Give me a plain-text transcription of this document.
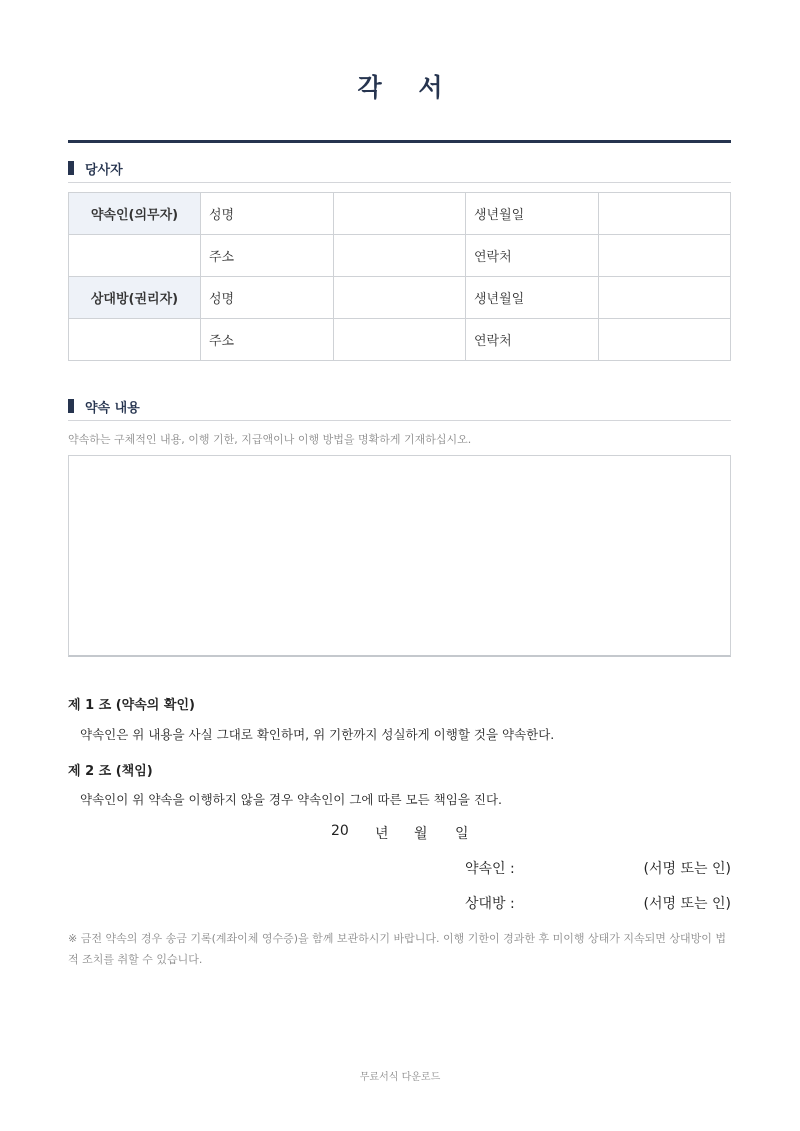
각 서
당사자
약속인(의무자)	성명		생년월일	
	주소		연락처	
상대방(권리자)	성명		생년월일	
	주소		연락처	
약속 내용
약속하는 구체적인 내용, 이행 기한, 지급액이나 이행 방법을 명확하게 기재하십시오.
제 1 조 (약속의 확인)
약속인은 위 내용을 사실 그대로 확인하며, 위 기한까지 성실하게 이행할 것을 약속한다.
제 2 조 (책임)
약속인이 위 약속을 이행하지 않을 경우 약속인이 그에 따른 모든 책임을 진다.
20 년 월 일
약속인 :	(서명 또는 인)
상대방 :	(서명 또는 인)
※ 금전 약속의 경우 송금 기록(계좌이체 영수증)을 함께 보관하시기 바랍니다. 이행 기한이 경과한 후 미이행 상태가 지속되면 상대방이 법적 조치를 취할 수 있습니다.
무료서식 다운로드
